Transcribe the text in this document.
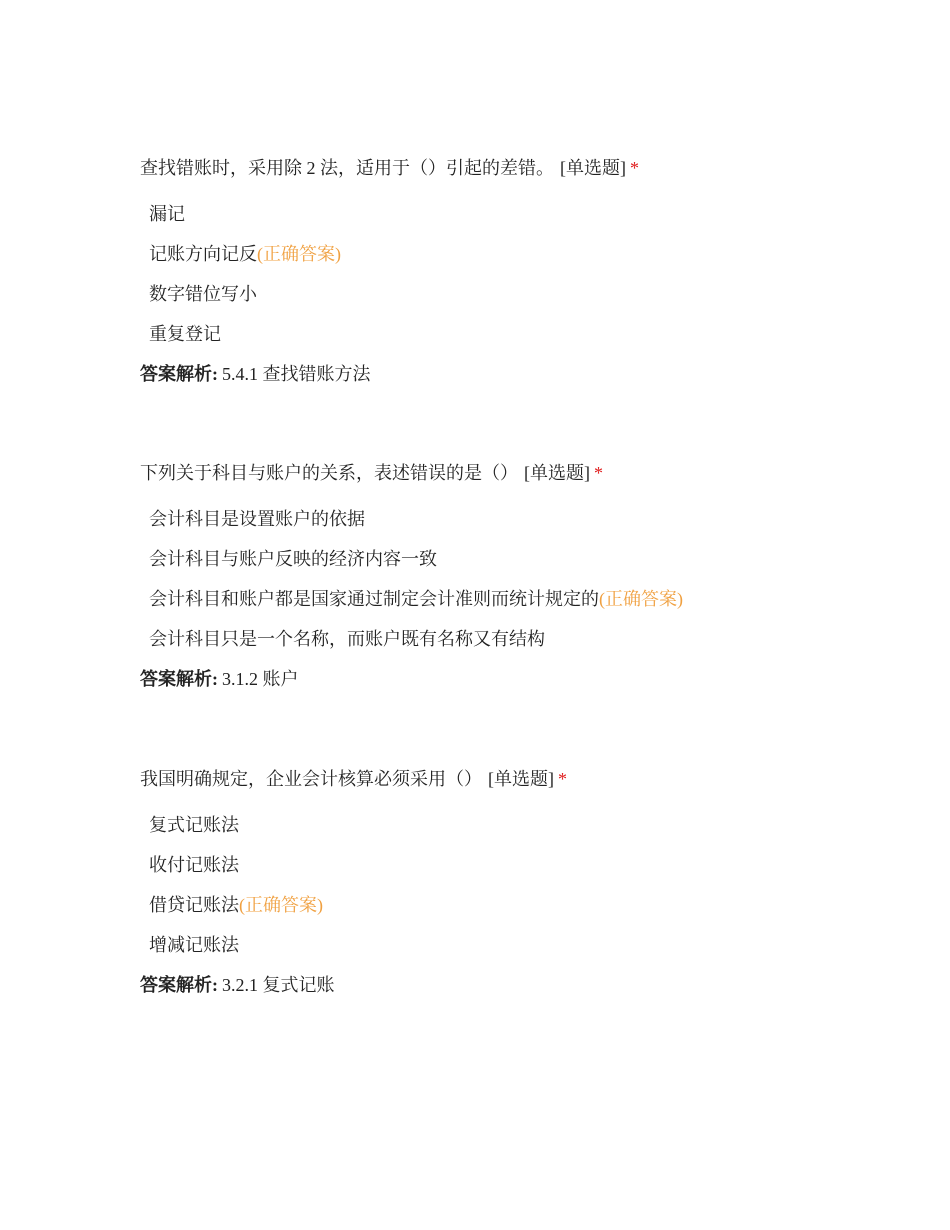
查找错账时，采用除 2 法，适用于（）引起的差错。 [单选题] *
漏记
记账方向记反(正确答案)
数字错位写小
重复登记
答案解析: 5.4.1 查找错账方法
下列关于科目与账户的关系，表述错误的是（） [单选题] *
会计科目是设置账户的依据
会计科目与账户反映的经济内容一致
会计科目和账户都是国家通过制定会计准则而统计规定的(正确答案)
会计科目只是一个名称，而账户既有名称又有结构
答案解析: 3.1.2 账户
我国明确规定，企业会计核算必须采用（） [单选题] *
复式记账法
收付记账法
借贷记账法(正确答案)
增减记账法
答案解析: 3.2.1 复式记账
